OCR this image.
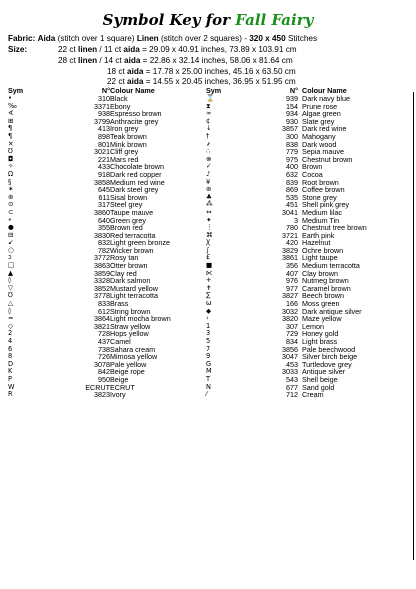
Symbol Key for Fall Fairy
Fabric: Aida (stitch over 1 square) Linen (stitch over 2 squares) - 320 x 450 Stitches
Size:	22 ct linen / 11 ct aida = 29.09 x 40.91 inches, 73.89 x 103.91 cm
28 ct linen / 14 ct aida = 22.86 x 32.14 inches, 58.06 x 81.64 cm
18 ct aida = 17.78 x 25.00 inches, 45.16 x 63.50 cm
22 ct aida = 14.55 x 20.45 inches, 36.95 x 51.95 cm
Sym	N° Colour Name
•	310 Black
‰	3371 Ebony
∢	938 Espresso brown
⊞	3799 Anthracite grey
¶	413 Iron grey
¶	898 Teak brown
✕	801 Mink brown
℧	3021 Cliff grey
◘	221 Mars red
✧	433 Chocolate brown
Ω	918 Dark red copper
§	3858 Medium red wine
✶	645 Dark steel grey
⊛	611 Sisal brown
⊙	317 Steel grey
⊂	3860 Taupe mauve
⁌	640 Green grey
●	355 Brown red
⊟	3830 Red terracotta
↙	832 Light green bronze
○	782 Wicker brown
ↄ	3772 Rosy tan
□	3863 Otter brown
▲	3859 Clay red
◊	3328 Dark salmon
▽	3852 Mustard yellow
℧	3778 Light terracotta
△	833 Brass
◊	612 String brown
≈	3864 Light mocha brown
◇	3821 Straw yellow
2	728 Hops yellow
4	437 Camel
6	738 Sahara cream
8	726 Mimosa yellow
D	3078 Pale yellow
K	842 Beige rope
P	950 Beige
W	ECRUT ECRUT
R	3823 Ivory
Sym	N° Colour Name
⌛	939 Dark navy blue
⧗	154 Prune rose
∞	934 Algae green
¢	930 Slate grey
↓	3857 Dark red wine
†	300 Mahogany
⸙	838 Dark wood
∴	779 Sepia mauve
⊗	975 Chestnut brown
✓	400 Brown
♪	632 Cocoa
¥	839 Root brown
⊛	869 Coffee brown
♣	535 Stone grey
⁂	451 Shell pink grey
⇔	3041 Medium lilac
✦	3 Medium Tin
⋮	780 Chestnut tree brown
⌘	3721 Earth pink
Ꭓ	420 Hazelnut
∫	3829 Ochre brown
£	3861 Light taupe
■	356 Medium terracotta
⋉	407 Clay brown
+	976 Nutmeg brown
✝	977 Caramel brown
∑	3827 Beech brown
ω	166 Moss green
◆	3032 Dark antique silver
‹	3820 Maze yellow
1	307 Lemon
3	729 Honey gold
5	834 Light brass
7	3856 Pale beechwood
9	3047 Silver birch beige
G	453 Turtledove grey
M	3033 Antique silver
T	543 Shell beige
N	677 Sand gold
⁄	712 Cream
